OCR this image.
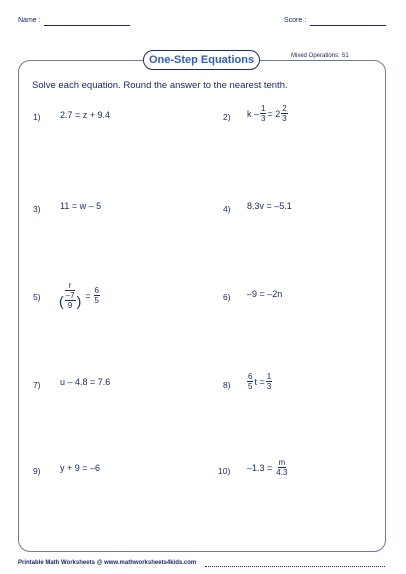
Name :	Score :
One-Step Equations	Mixed Operations: S1
Solve each equation. Round the answer to the nearest tenth.
1) 2.7 = z + 9.4	2) $k - \frac{1}{3} = 2 \frac{2}{3}$
3) 11 = w – 5	4) 8.3v = –5.1
$5) \frac{r}{( \frac{-7}{9} )} = \frac{6}{5}$	6) –9 = –2n
7) u – 4.8 = 7.6	$8) \frac{6}{5}$ $t = \frac{1}{3}$
9) y + 9 = –6	10) $-1.3 = \frac{m}{4.3}$
Printable Math Worksheets @ www.mathworksheets4kids.com
